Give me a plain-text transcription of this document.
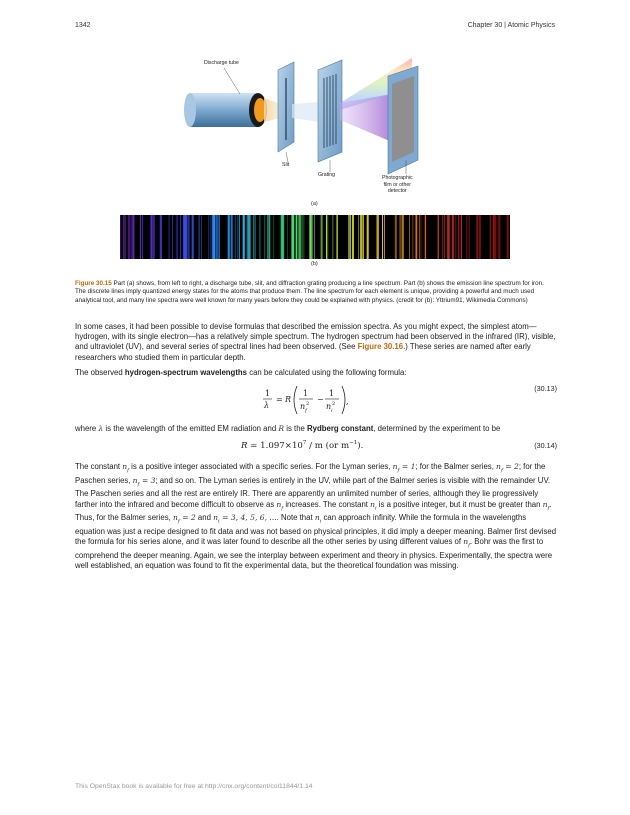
1342	Chapter 30 | Atomic Physics
Discharge tube
Slit
Grating	Photographic
film or other
detector
(a)
(b)
Figure 30.15 Part (a) shows, from left to right, a discharge tube, slit, and diffraction grating producing a line spectrum. Part (b) shows the emission line spectrum for iron. The discrete lines imply quantized energy states for the atoms that produce them. The line spectrum for each element is unique, providing a powerful and much used analytical tool, and many line spectra were well known for many years before they could be explained with physics. (credit for (b): Yttrium91, Wikimedia Commons)
In some cases, it had been possible to devise formulas that described the emission spectra. As you might expect, the simplest atom—hydrogen, with its single electron—has a relatively simple spectrum. The hydrogen spectrum had been observed in the infrared (IR), visible, and ultraviolet (UV), and several series of spectral lines had been observed. (See Figure 30.16.) These series are named after early researchers who studied them in particular depth.
The observed hydrogen-spectrum wavelengths can be calculated using the following formula:
1
λ
= R
1
n f
2 −
1
n i
2 ,
(30.13)
where λ is the wavelength of the emitted EM radiation and R is the Rydberg constant, determined by the experiment to be
$R = 1.097\times 10^7 / m$ (or $m^{-1}$).	(30.14)
The constant $n_f$ is a positive integer associated with a specific series. For the Lyman series, $n_f = 1$; for the Balmer series, $n_f = 2$; for the Paschen series, $n_f = 3$; and so on. The Lyman series is entirely in the UV, while part of the Balmer series is visible with the remainder UV. The Paschen series and all the rest are entirely IR. There are apparently an unlimited number of series, although they lie progressively farther into the infrared and become difficult to observe as $n_f$ increases. The constant $n_i$ is a positive integer, but it must be greater than $n_f$. Thus, for the Balmer series, $n_f = 2$ and $n_i = 3$, 4, 5, 6, .... Note that $n_i$ can approach infinity. While the formula in the wavelengths equation was just a recipe designed to fit data and was not based on physical principles, it did imply a deeper meaning. Balmer first devised the formula for his series alone, and it was later found to describe all the other series by using different values of $n_f$. Bohr was the first to comprehend the deeper meaning. Again, we see the interplay between experiment and theory in physics. Experimentally, the spectra were well established, an equation was found to fit the experimental data, but the theoretical foundation was missing.
This OpenStax book is available for free at http://cnx.org/content/col11844/1.14
